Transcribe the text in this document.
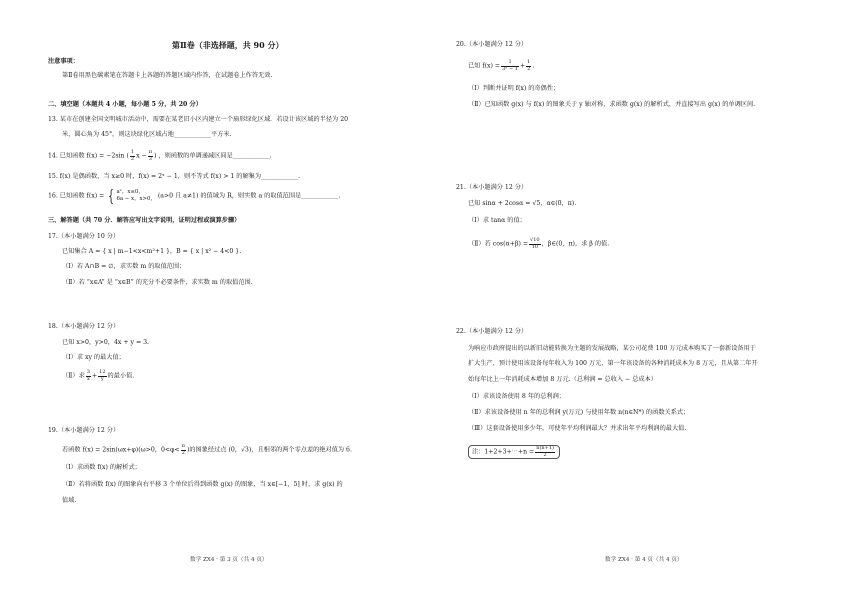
第Ⅱ卷（非选择题，共 90 分）
注意事项：
第Ⅱ卷用黑色碳素笔在答题卡上各题的答题区域内作答，在试题卷上作答无效.
二、填空题（本题共 4 小题，每小题 5 分，共 20 分）
13. 某市在创建全国文明城市活动中，需要在某老旧小区内建立一个扇形绿化区域．若设计该区域的半径为 20
米，圆心角为 45°，则这块绿化区域占地____________平方米.
14. 已知函数 f(x) = −2sin ( $\frac{1}{2}$ $x - \frac{\pi}{3}$ ) ，则函数的单调递减区间是____________.
15. f(x) 是偶函数，当 x≥0 时，f(x) = 2ˣ − 1，则不等式 f(x) > 1 的解集为____________.
16. 已知函数 f(x) = { aˣ，x≤0，
6a − x，x>0， (a>0 且 a≠1) 的值域为 R，则实数 a 的取值范围是____________.
三、解答题（共 70 分．解答应写出文字说明，证明过程或演算步骤）
17.（本小题满分 10 分）
已知集合 A = { x | m−1<x<m²+1 }，B = { x | x² − 4<0 }.
（Ⅰ）若 A∩B = ∅，求实数 m 的取值范围；
（Ⅱ）若 “x∈A” 是 “x∈B” 的充分不必要条件，求实数 m 的取值范围.
18.（本小题满分 12 分）
已知 x>0，y>0，4x + y = 3.
（Ⅰ）求 xy 的最大值；
（Ⅱ）求 $\frac{3}{x} + \frac{12}{y}$ 的最小值.
19.（本小题满分 12 分）
若函数 f(x) = 2sin(ωx+φ)(ω>0，$0<\varphi< \frac{\pi}{2}$ )的图象经过点 (0，√3)，且相邻的两个零点差的绝对值为 6.
（Ⅰ）求函数 f(x) 的解析式；
（Ⅱ）若将函数 f(x) 的图象向右平移 3 个单位后得到函数 g(x) 的图象，当 x∈[−1，5] 时，求 g(x) 的
值域.
数学 ZX4 · 第 3 页（共 4 页）
20.（本小题满分 12 分）
已知 $f(x) = \frac{1}{\text{3ˣ − 1}} + \frac{1}{2}$ .
（Ⅰ）判断并证明 f(x) 的奇偶性；
（Ⅱ）已知函数 g(x) 与 f(x) 的图象关于 y 轴对称，求函数 g(x) 的解析式，并直接写出 g(x) 的单调区间.
21.（本小题满分 12 分）
已知 sinα + 2cosα = √5，α∈(0，π).
（Ⅰ）求 tanα 的值；
（Ⅱ）若 $\cos(\alpha+\beta) = \frac{√10}{10}$ ，β∈(0，π)，求 β 的值.
22.（本小题满分 12 分）
为响应市政府提出的以新旧动能转换为主题的发展战略，某公司花费 100 万元成本购买了一套新设备用于
扩大生产，预计使用该设备每年收入为 100 万元，第一年该设备的各种消耗成本为 8 万元，且从第二年开
始每年比上一年消耗成本增加 8 万元.（总利润 = 总收入 − 总成本）
（Ⅰ）求该设备使用 8 年的总利润；
（Ⅱ）求该设备使用 n 年的总利润 y(万元) 与使用年数 n(n∈N*) 的函数关系式；
（Ⅲ）这套设备使用多少年，可使年平均利润最大？并求出年平均利润的最大值.
注：1+2+3+⋯+n = $\frac{n(n+1)}{2}$
数学 ZX4 · 第 4 页（共 4 页）
